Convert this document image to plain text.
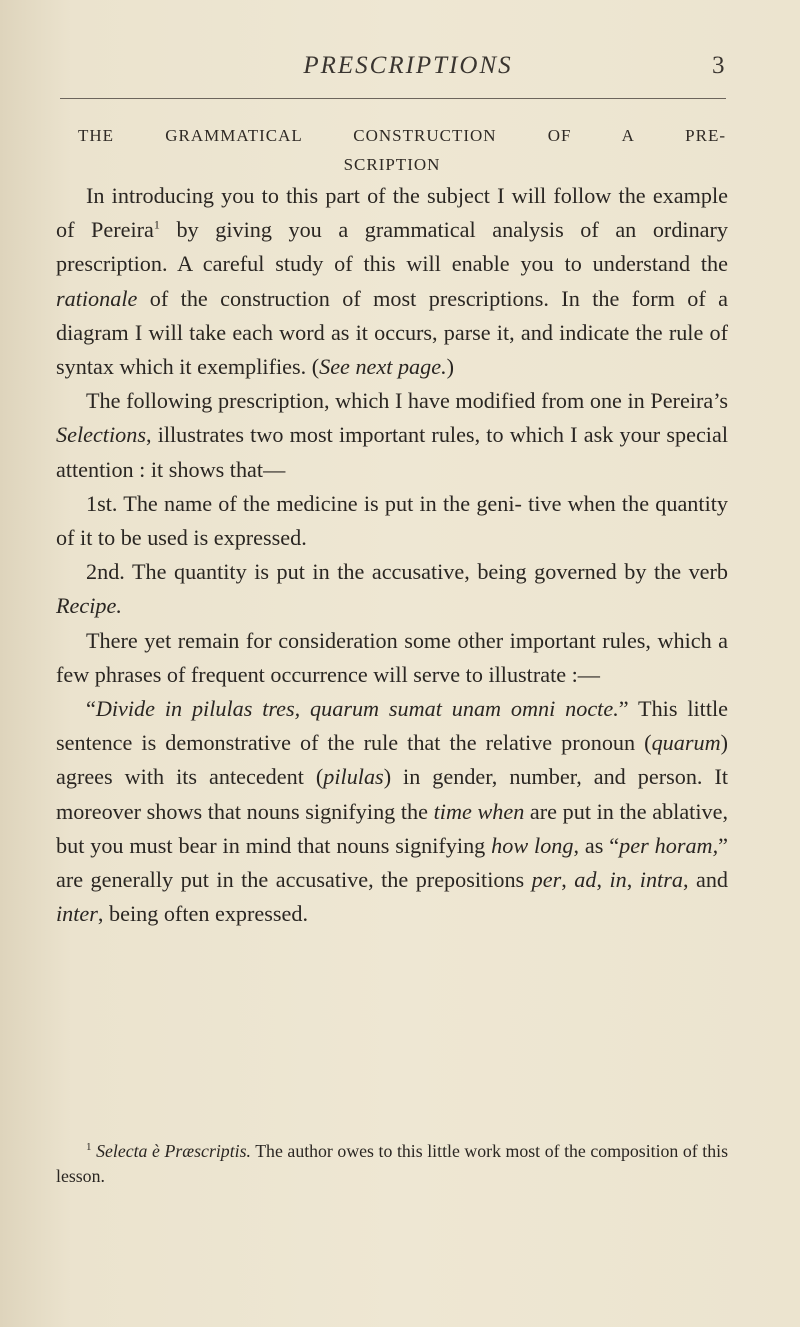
PRESCRIPTIONS	3
THE GRAMMATICAL CONSTRUCTION OF A PRE-
SCRIPTION

In introducing you to this part of the subject I will follow the example of Pereira$^1$ by giving you a grammatical analysis of an ordinary prescription. A careful study of this will enable you to understand the rationale of the construction of most prescriptions. In the form of a diagram I will take each word as it occurs, parse it, and indicate the rule of syntax which it exemplifies. (See next page.)

The following prescription, which I have modified from one in Pereira’s Selections, illustrates two most important rules, to which I ask your special attention : it shows that—

1st. The name of the medicine is put in the geni- tive when the quantity of it to be used is expressed.

2nd. The quantity is put in the accusative, being governed by the verb Recipe.

There yet remain for consideration some other important rules, which a few phrases of frequent occurrence will serve to illustrate :—

“Divide in pilulas tres, quarum sumat unam omni nocte.” This little sentence is demonstrative of the rule that the relative pronoun (quarum) agrees with its antecedent (pilulas) in gender, number, and person. It moreover shows that nouns signifying the time when are put in the ablative, but you must bear in mind that nouns signifying how long, as “per horam,” are generally put in the accusative, the prepositions per, ad, in, intra, and inter, being often expressed.

$^1$ Selecta è Præscriptis. The author owes to this little work most of the composition of this lesson.
